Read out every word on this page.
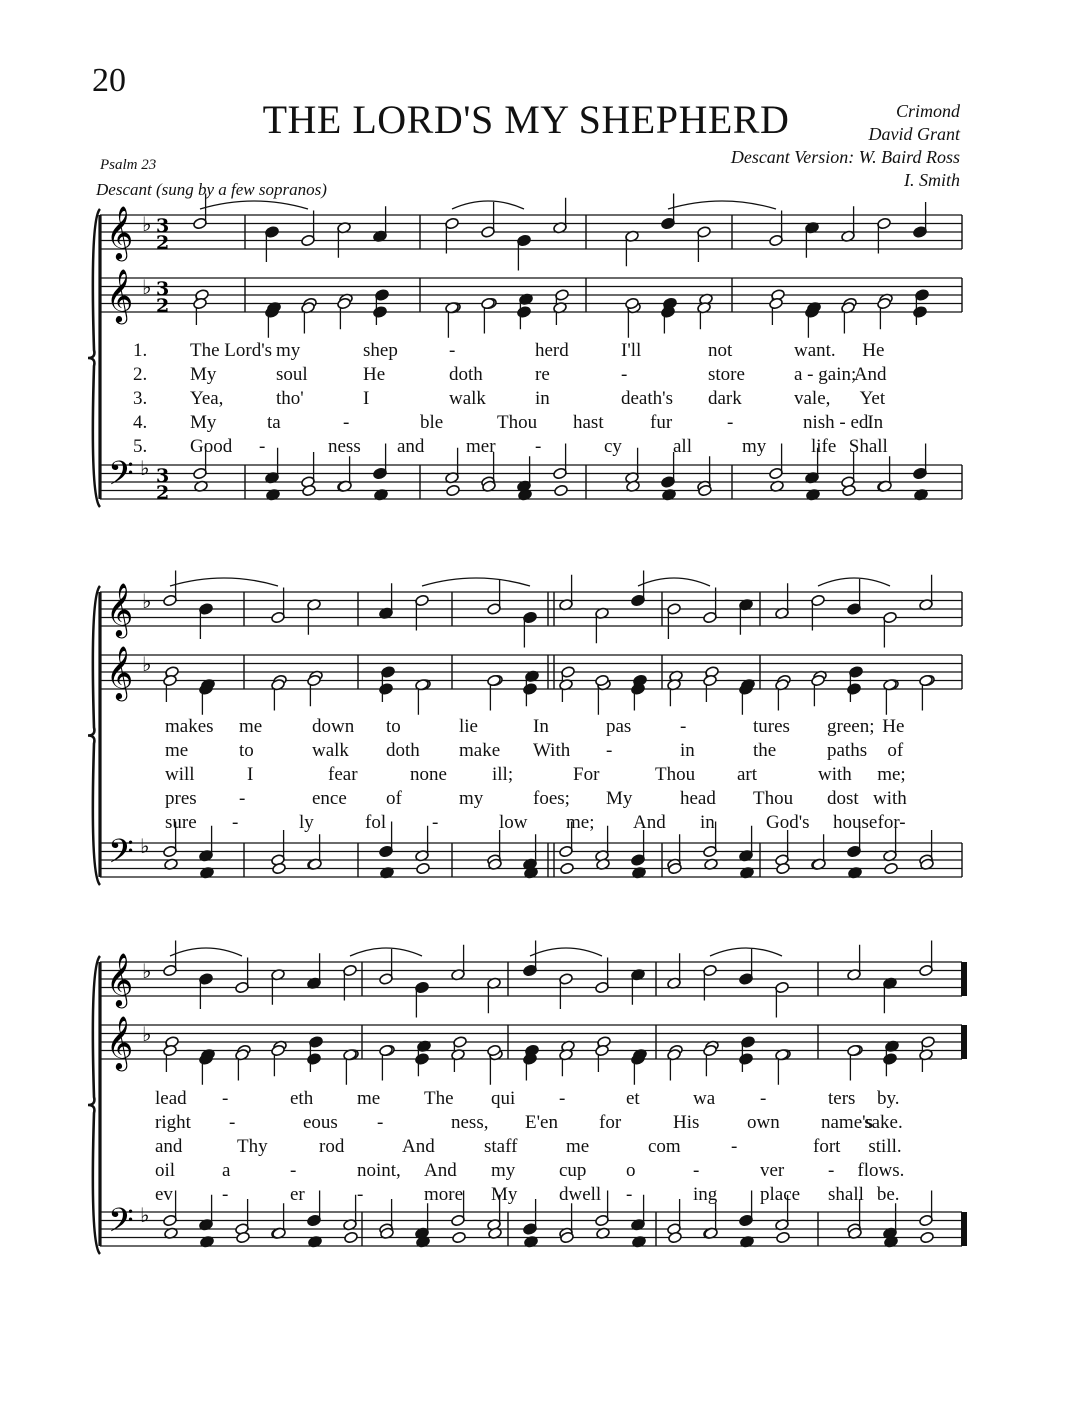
20
THE LORD'S MY SHEPHERD	Crimond
David Grant
Descant Version: W. Baird Ross
I. Smith
Psalm 23
Descant (sung by a few sopranos)
𝄞 ♭ 3
2
𝄞 ♭ 3
2
𝄢 ♭ 3
2
𝄞 ♭
𝄞 ♭
𝄢 ♭
𝄞 ♭
𝄞 ♭
𝄢 ♭
1.
2.
3.
4.
5.
The Lord's my	shep	-	herd	I'll	not	want. He
My	soul	He	doth	re	-	store	a - gain;
And
Yea,	tho'	I	walk	in	death's dark	vale, Yet
My	ta	-	ble	Thou hast fur	-	nish - ed
In
Good -	ness and mer -	cy	all	my life Shall
makes me	down to	lie	In	pas	-	tures green; He
me	to	walk doth make With -	in	the	paths of
will	I	fear	none ill;	For	Thou art	with me;
pres -	ence of	my	foes; My	head Thou dost with
sure -	ly	fol -	low me; And in	God's house for-
lead -	eth me The qui -	et	wa -	ters by.
right -	eous -	ness, E'en for	His	own name's
sake.
and	Thy	rod	And	staff	me	com	-	fort still.
oil a	-	noint, And my cup o	-	ver - flows.
ev	-	er	-	more My dwell -	ing place shall be.
